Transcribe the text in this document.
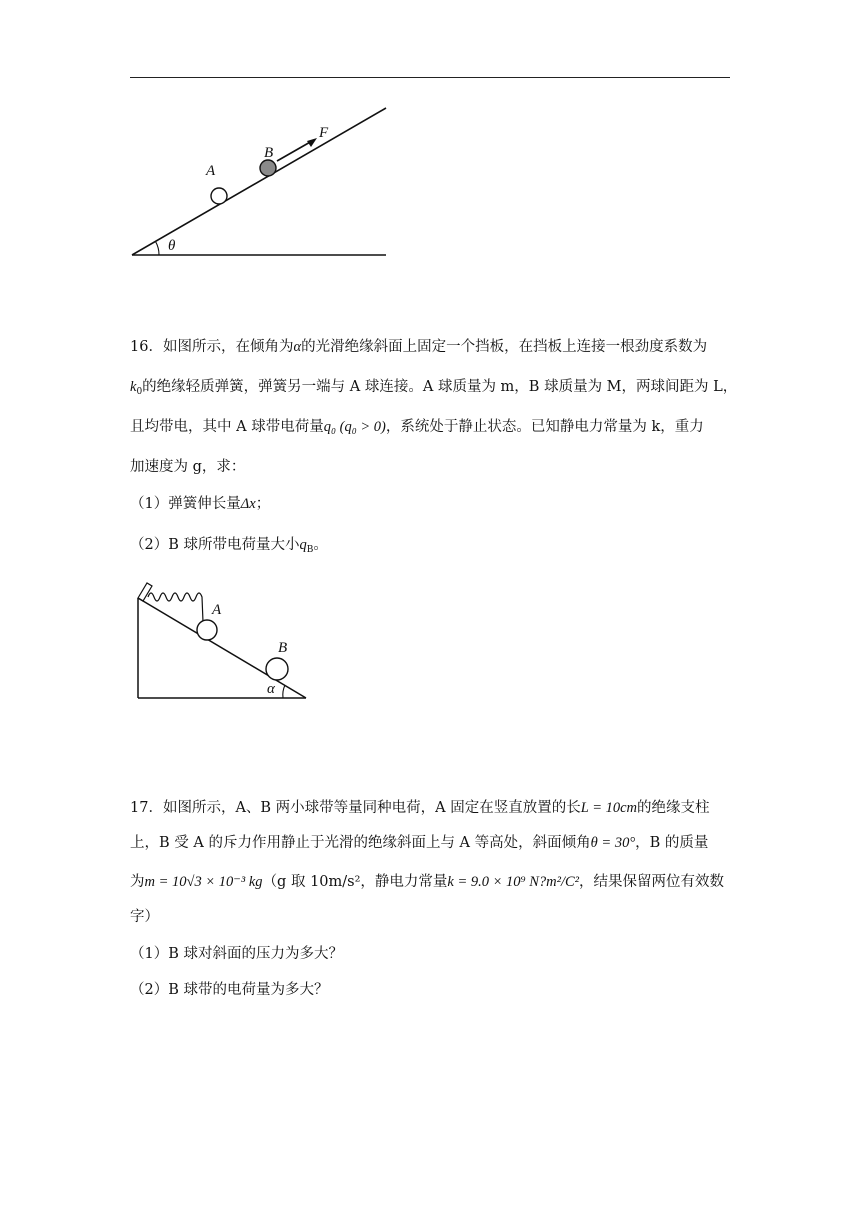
A
B
F
θ
16．如图所示，在倾角为α的光滑绝缘斜面上固定一个挡板，在挡板上连接一根劲度系数为
$k_0$的绝缘轻质弹簧，弹簧另一端与 A 球连接。A 球质量为 m，B 球质量为 M，两球间距为 L，
且均带电，其中 A 球带电荷量q₀ (q₀ > 0)，系统处于静止状态。已知静电力常量为 k，重力
加速度为 g，求：
（1）弹簧伸长量Δx；
（2）B 球所带电荷量大小$q_B$。
A
B
α
17．如图所示，A、B 两小球带等量同种电荷，A 固定在竖直放置的长L = 10cm的绝缘支柱
上，B 受 A 的斥力作用静止于光滑的绝缘斜面上与 A 等高处，斜面倾角θ = 30°，B 的质量
为m = 10√3 × 10⁻³ kg（g 取 10m/s²，静电力常量k = 9.0 × 10⁹ N?m²/C²，结果保留两位有效数
字）
（1）B 球对斜面的压力为多大？
（2）B 球带的电荷量为多大？
